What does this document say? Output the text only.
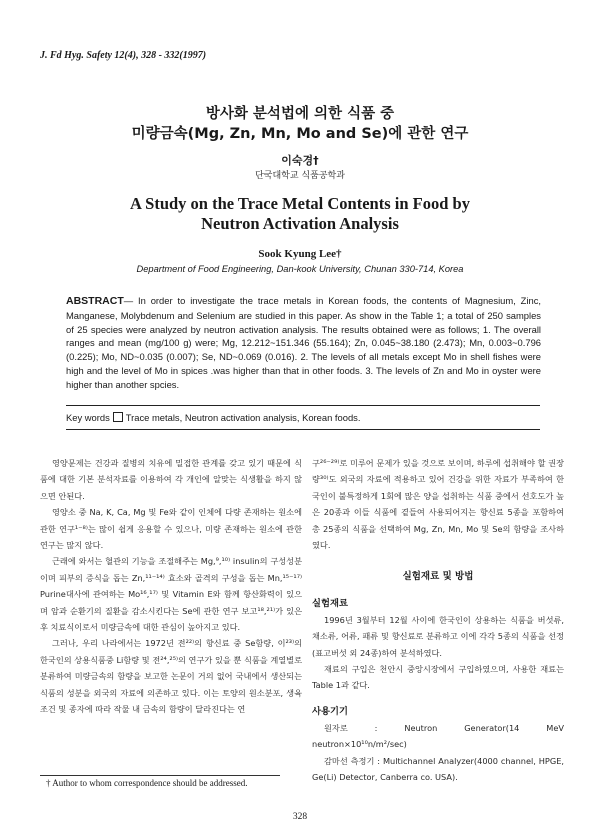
J. Fd Hyg. Safety 12(4), 328 - 332(1997)
방사화 분석법에 의한 식품 중
미량금속(Mg, Zn, Mn, Mo and Se)에 관한 연구
이숙경†
단국대학교 식품공학과
A Study on the Trace Metal Contents in Food by
Neutron Activation Analysis
Sook Kyung Lee†
Department of Food Engineering, Dan-kook University, Chunan 330-714, Korea
ABSTRACT— In order to investigate the trace metals in Korean foods, the contents of Magnesium, Zinc, Manganese, Molybdenum and Selenium are studied in this paper. As show in the Table 1; a total of 250 samples of 25 species were analyzed by neutron activation analysis. The results obtained were as follows; 1. The overall ranges and mean (mg/100 g) were; Mg, 12.212~151.346 (55.164); Zn, 0.045~38.180 (2.473); Mn, 0.003~0.796 (0.225); Mo, ND~0.035 (0.007); Se, ND~0.069 (0.016). 2. The levels of all metals except Mo in shell fishes were high and the level of Mo in spices .was higher than that in other foods. 3. The levels of Zn and Mo in oyster were higher than another spcies.
Key words Trace metals, Neutron activation analysis, Korean foods.

영양문제는 건강과 질병의 치유에 밀접한 관계를 갖고 있기 때문에 식품에 대한 기본 분석자료를 이용하여 각 개인에 알맞는 식생활을 하지 않으면 안된다.

영양소 중 Na, K, Ca, Mg 및 Fe와 같이 인체에 다량 존재하는 원소에 관한 연구¹⁻⁸⁾는 많이 쉽게 응용할 수 있으나, 미량 존재하는 원소에 관한 연구는 많지 않다.

근래에 와서는 혈관의 기능을 조절해주는 Mg,⁹,¹⁰⁾ insulin의 구성성분이며 피부의 증식을 돕는 Zn,¹¹⁻¹⁴⁾ 효소와 골격의 구성을 돕는 Mn,¹⁵⁻¹⁷⁾ Purine대사에 관여하는 Mo¹⁶,¹⁷⁾ 및 Vitamin E와 함께 항산화력이 있으며 암과 순환기의 질환을 감소시킨다는 Se에 관한 연구 보고¹⁸,²¹⁾가 있은 후 치료식이로서 미량금속에 대한 관심이 높아지고 있다.

그러나, 우리 나라에서는 1972년 전²²⁾의 향신료 중 Se함량, 이²³⁾의 한국인의 상용식품중 Li함량 및 전²⁴,²⁵⁾의 연구가 있을 뿐 식품을 계열별로 분류하여 미량금속의 함량을 보고한 논문이 거의 없어 국내에서 생산되는 식품의 성분을 외국의 자료에 의존하고 있다. 이는 토양의 원소분포, 생육조건 및 종자에 따라 작물 내 금속의 함량이 달라진다는 연

구²⁶⁻²⁹⁾로 미루어 문제가 있을 것으로 보이며, 하루에 섭취해야 할 권장량³⁰⁾도 외국의 자료에 적용하고 있어 건강을 위한 자료가 부족하여 한국인이 불특정하게 1회에 많은 양을 섭취하는 식품 중에서 선호도가 높은 20종과 이들 식품에 곁들여 사용되어지는 향신료 5종을 포함하여 총 25종의 식품을 선택하여 Mg, Zn, Mn, Mo 및 Se의 함량을 조사하였다.

실험재료 및 방법
실험재료

1996년 3월부터 12월 사이에 한국인이 상용하는 식품을 버섯류, 채소류, 어류, 패류 및 향신료로 분류하고 이에 각각 5종의 식품을 선정(표고버섯 외 24종)하여 분석하였다.

재료의 구입은 천안시 중앙시장에서 구입하였으며, 사용한 재료는 Table 1과 같다.

사용기기

원자로 : Neutron Generator(14 MeV neutron×10¹⁰n/m²/sec)

감마선 측정기 : Multichannel Analyzer(4000 channel, HPGE, Ge(Li) Detector, Canberra co. USA).

† Author to whom correspondence should be addressed.
328
